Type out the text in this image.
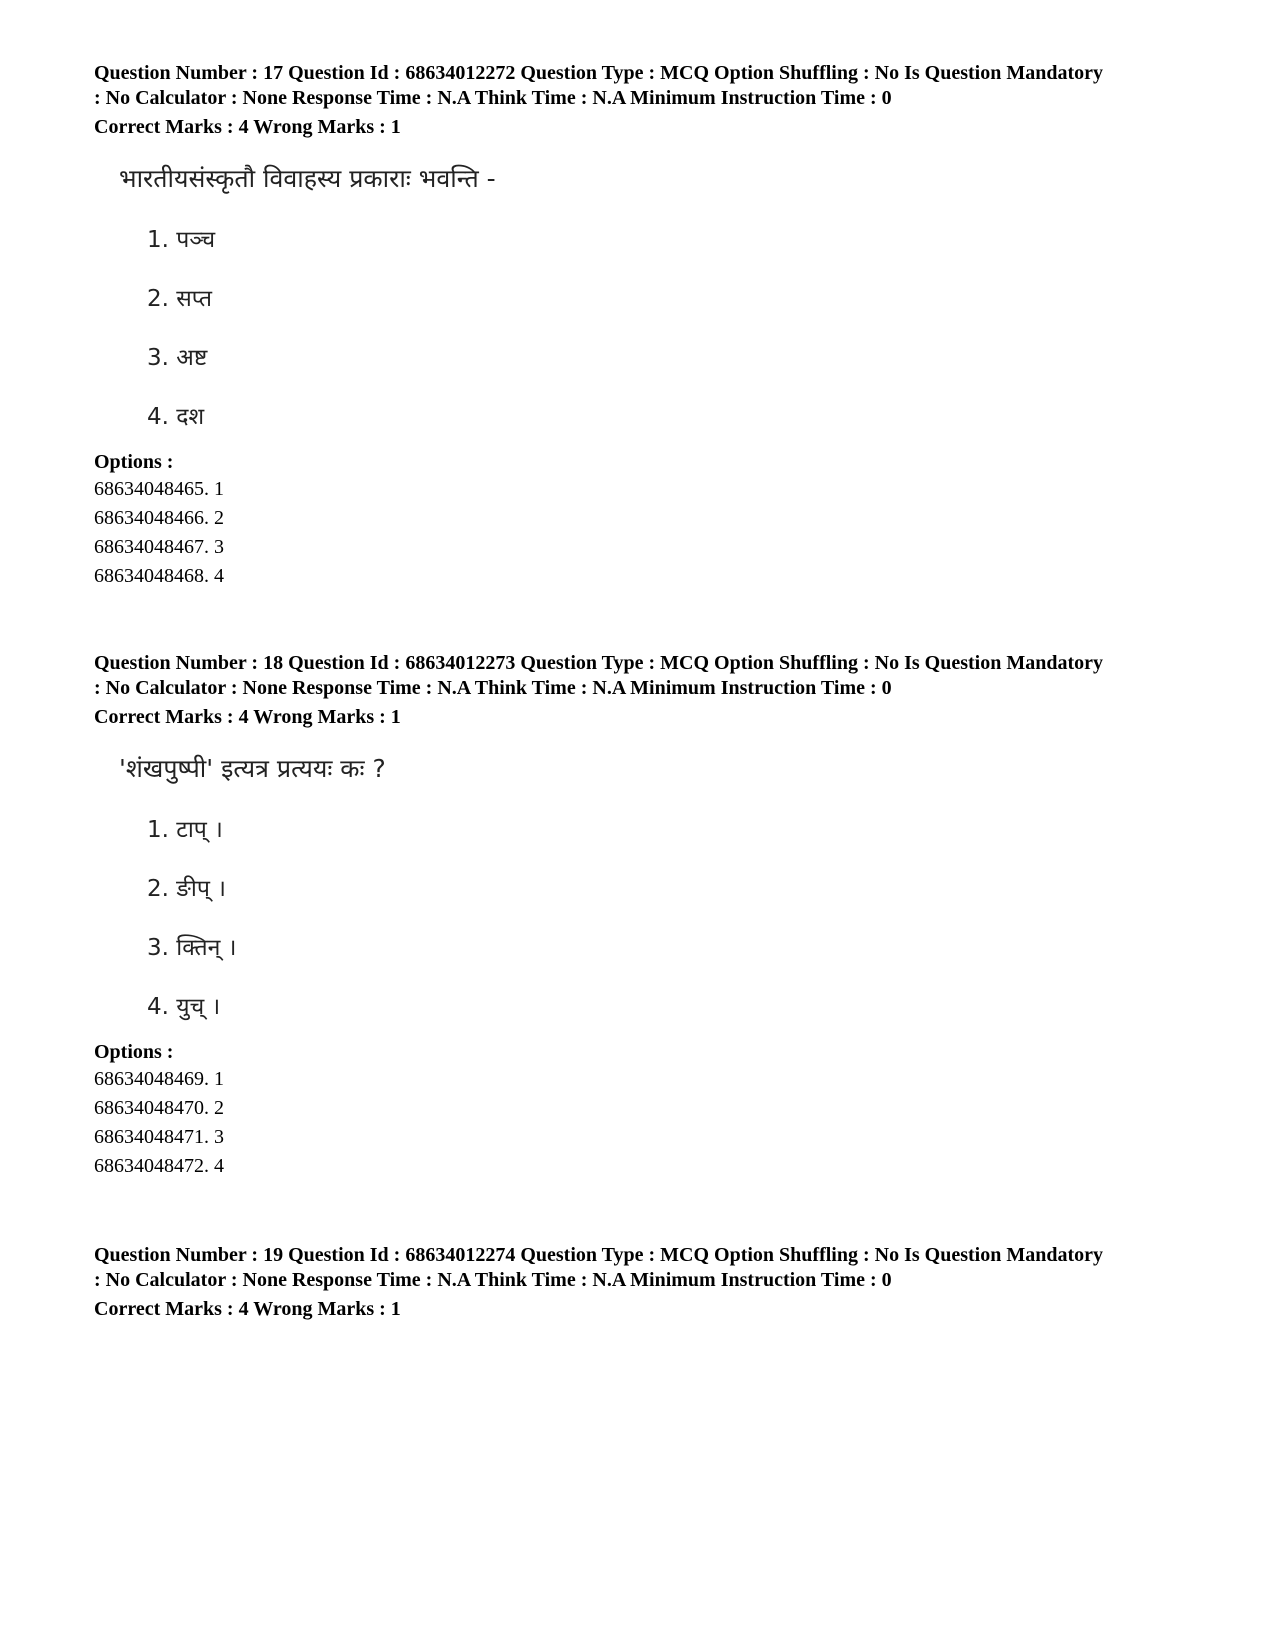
Question Number : 17 Question Id : 68634012272 Question Type : MCQ Option Shuffling : No Is Question Mandatory

: No Calculator : None Response Time : N.A Think Time : N.A Minimum Instruction Time : 0

Correct Marks : 4 Wrong Marks : 1

भारतीयसंस्कृतौ विवाहस्य प्रकाराः भवन्ति -

1. पञ्च

2. सप्त

3. अष्ट

4. दश

Options :

68634048465. 1

68634048466. 2

68634048467. 3

68634048468. 4

Question Number : 18 Question Id : 68634012273 Question Type : MCQ Option Shuffling : No Is Question Mandatory

: No Calculator : None Response Time : N.A Think Time : N.A Minimum Instruction Time : 0

Correct Marks : 4 Wrong Marks : 1

'शंखपुष्पी' इत्यत्र प्रत्ययः कः ?

1. टाप् ।

2. ङीप् ।

3. क्तिन् ।

4. युच् ।

Options :

68634048469. 1

68634048470. 2

68634048471. 3

68634048472. 4

Question Number : 19 Question Id : 68634012274 Question Type : MCQ Option Shuffling : No Is Question Mandatory

: No Calculator : None Response Time : N.A Think Time : N.A Minimum Instruction Time : 0

Correct Marks : 4 Wrong Marks : 1
